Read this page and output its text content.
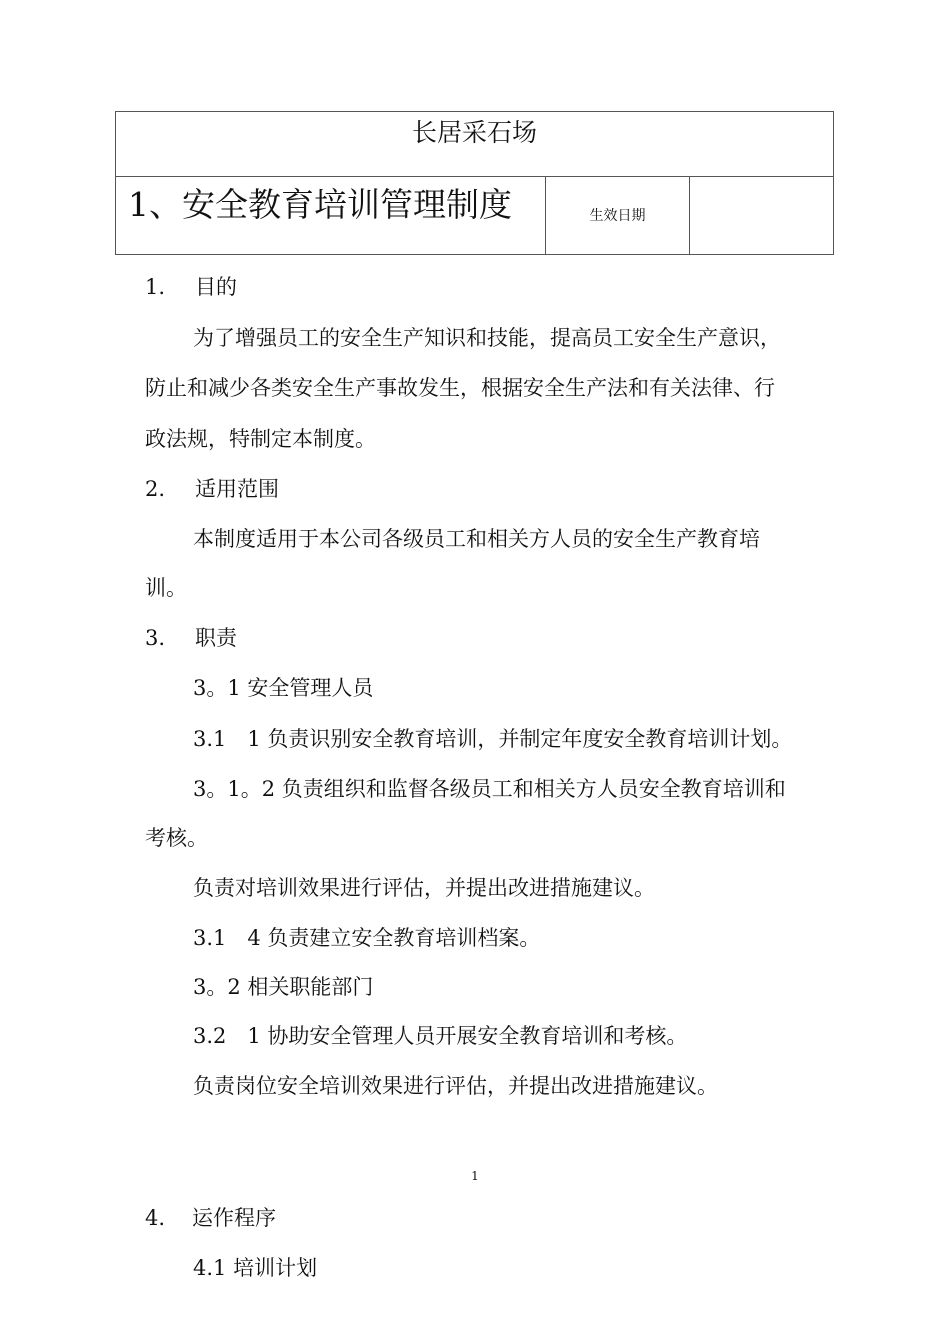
长居采石场
1、安全教育培训管理制度	生效日期
1. 目的
为了增强员工的安全生产知识和技能，提高员工安全生产意识，
防止和减少各类安全生产事故发生，根据安全生产法和有关法律、行
政法规，特制定本制度。
2. 适用范围
本制度适用于本公司各级员工和相关方人员的安全生产教育培
训。
3. 职责
3。1 安全管理人员
3.1　1 负责识别安全教育培训，并制定年度安全教育培训计划。
3。1。2 负责组织和监督各级员工和相关方人员安全教育培训和
考核。
负责对培训效果进行评估，并提出改进措施建议。
3.1　4 负责建立安全教育培训档案。
3。2 相关职能部门
3.2　1 协助安全管理人员开展安全教育培训和考核。
负责岗位安全培训效果进行评估，并提出改进措施建议。
1
4. 运作程序
4.1 培训计划
